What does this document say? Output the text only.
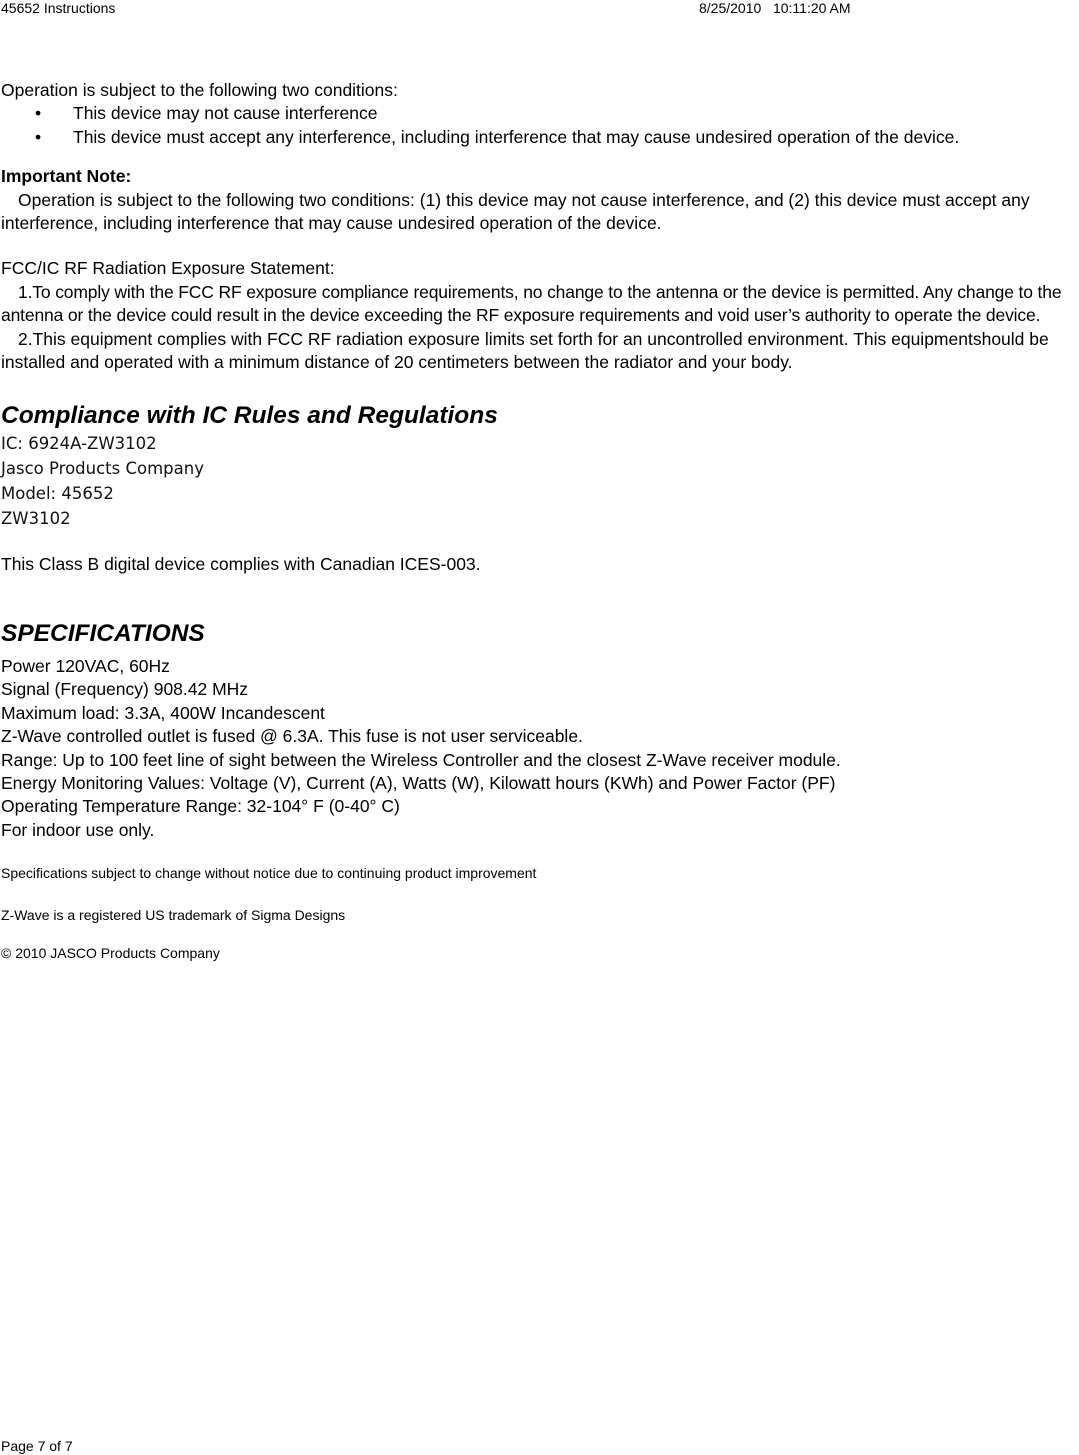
45652 Instructions	8/25/2010   10:11:20 AM

Operation is subject to the following two conditions:

• This device may not cause interference
• This device must accept any interference, including interference that may cause undesired operation of the device.

Important Note:

Operation is subject to the following two conditions: (1) this device may not cause interference, and (2) this device must accept any interference, including interference that may cause undesired operation of the device.

FCC/IC RF Radiation Exposure Statement:

1.To comply with the FCC RF exposure compliance requirements, no change to the antenna or the device is permitted. Any change to the antenna or the device could result in the device exceeding the RF exposure requirements and void user’s authority to operate the device.

2.This equipment complies with FCC RF radiation exposure limits set forth for an uncontrolled environment. This equipmentshould be installed and operated with a minimum distance of 20 centimeters between the radiator and your body.

Compliance with IC Rules and Regulations

IC: 6924A-ZW3102

Jasco Products Company

Model: 45652

ZW3102

This Class B digital device complies with Canadian ICES-003.

SPECIFICATIONS

Power 120VAC, 60Hz

Signal (Frequency) 908.42 MHz

Maximum load: 3.3A, 400W Incandescent

Z-Wave controlled outlet is fused @ 6.3A. This fuse is not user serviceable.

Range: Up to 100 feet line of sight between the Wireless Controller and the closest Z-Wave receiver module.

Energy Monitoring Values: Voltage (V), Current (A), Watts (W), Kilowatt hours (KWh) and Power Factor (PF)

Operating Temperature Range: 32-104° F (0-40° C)

For indoor use only.

Specifications subject to change without notice due to continuing product improvement

Z-Wave is a registered US trademark of Sigma Designs

© 2010 JASCO Products Company

Page 7 of 7
